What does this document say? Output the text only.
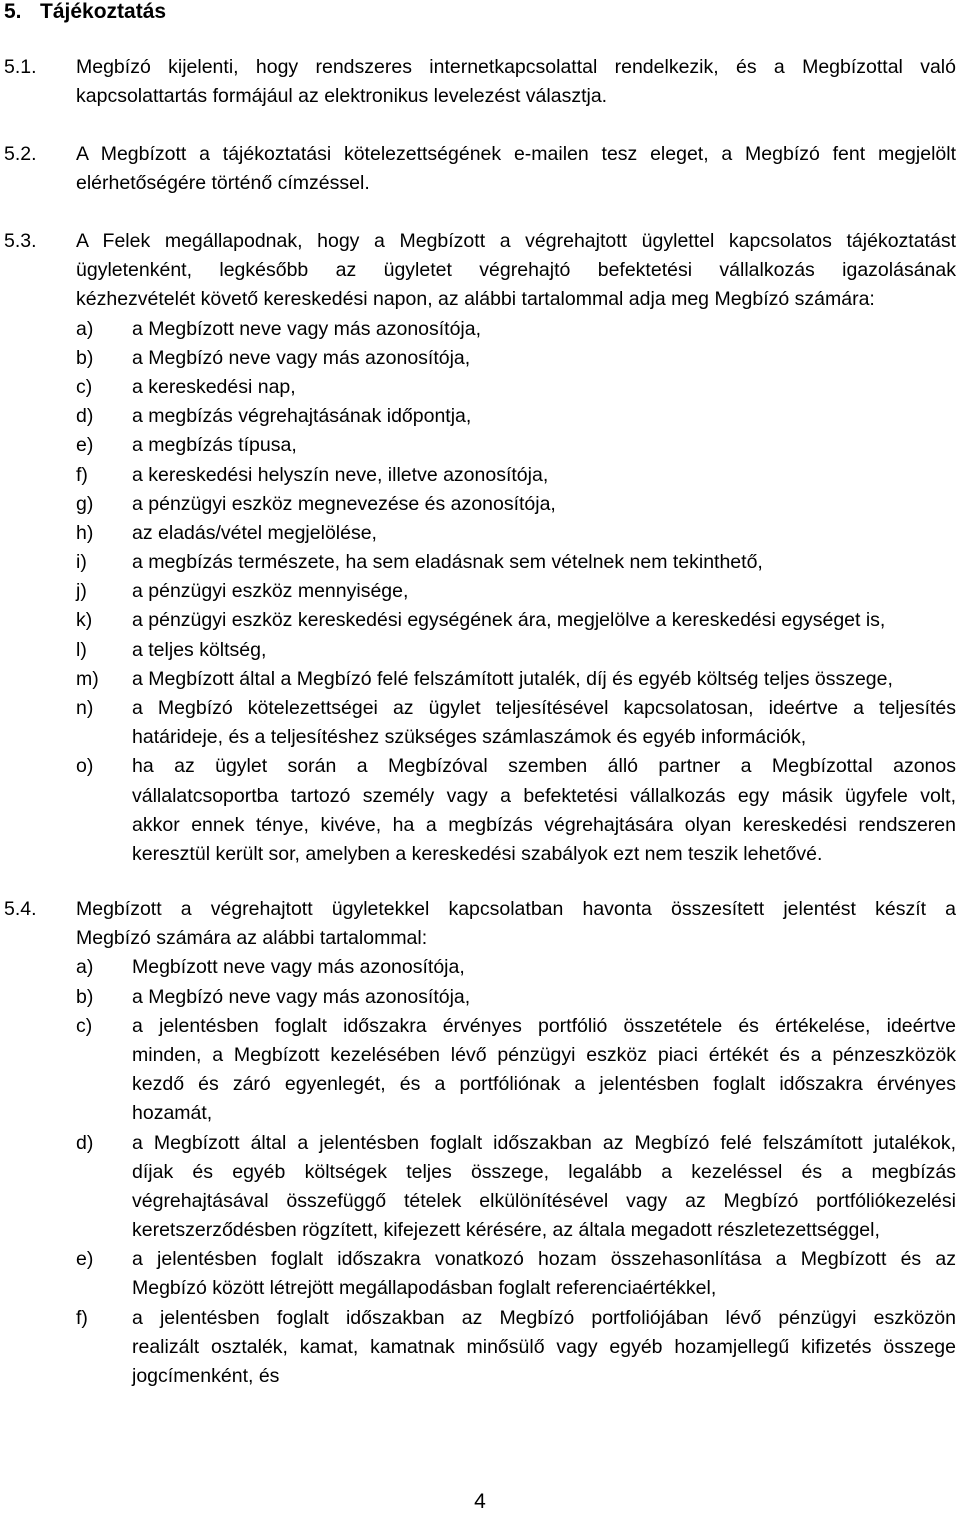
5. Tájékoztatás
5.1. Megbízó kijelenti, hogy rendszeres internetkapcsolattal rendelkezik, és a Megbízottal való
kapcsolattartás formájául az elektronikus levelezést választja.
5.2. A Megbízott a tájékoztatási kötelezettségének e-mailen tesz eleget, a Megbízó fent megjelölt
elérhetőségére történő címzéssel.
5.3. A Felek megállapodnak, hogy a Megbízott a végrehajtott ügylettel kapcsolatos tájékoztatást
ügyletenként, legkésőbb az ügyletet végrehajtó befektetési vállalkozás igazolásának
kézhezvételét követő kereskedési napon, az alábbi tartalommal adja meg Megbízó számára:
a) a Megbízott neve vagy más azonosítója,
b) a Megbízó neve vagy más azonosítója,
c) a kereskedési nap,
d) a megbízás végrehajtásának időpontja,
e) a megbízás típusa,
f) a kereskedési helyszín neve, illetve azonosítója,
g) a pénzügyi eszköz megnevezése és azonosítója,
h) az eladás/vétel megjelölése,
i) a megbízás természete, ha sem eladásnak sem vételnek nem tekinthető,
j) a pénzügyi eszköz mennyisége,
k) a pénzügyi eszköz kereskedési egységének ára, megjelölve a kereskedési egységet is,
l) a teljes költség,
m) a Megbízott által a Megbízó felé felszámított jutalék, díj és egyéb költség teljes összege,
n) a Megbízó kötelezettségei az ügylet teljesítésével kapcsolatosan, ideértve a teljesítés
határideje, és a teljesítéshez szükséges számlaszámok és egyéb információk,
o) ha az ügylet során a Megbízóval szemben álló partner a Megbízottal azonos
vállalatcsoportba tartozó személy vagy a befektetési vállalkozás egy másik ügyfele volt,
akkor ennek ténye, kivéve, ha a megbízás végrehajtására olyan kereskedési rendszeren
keresztül került sor, amelyben a kereskedési szabályok ezt nem teszik lehetővé.
5.4. Megbízott a végrehajtott ügyletekkel kapcsolatban havonta összesített jelentést készít a
Megbízó számára az alábbi tartalommal:
a) Megbízott neve vagy más azonosítója,
b) a Megbízó neve vagy más azonosítója,
c) a jelentésben foglalt időszakra érvényes portfólió összetétele és értékelése, ideértve
minden, a Megbízott kezelésében lévő pénzügyi eszköz piaci értékét és a pénzeszközök
kezdő és záró egyenlegét, és a portfóliónak a jelentésben foglalt időszakra érvényes
hozamát,
d) a Megbízott által a jelentésben foglalt időszakban az Megbízó felé felszámított jutalékok,
díjak és egyéb költségek teljes összege, legalább a kezeléssel és a megbízás
végrehajtásával összefüggő tételek elkülönítésével vagy az Megbízó portfóliókezelési
keretszerződésben rögzített, kifejezett kérésére, az általa megadott részletezettséggel,
e) a jelentésben foglalt időszakra vonatkozó hozam összehasonlítása a Megbízott és az
Megbízó között létrejött megállapodásban foglalt referenciaértékkel,
f) a jelentésben foglalt időszakban az Megbízó portfoliójában lévő pénzügyi eszközön
realizált osztalék, kamat, kamatnak minősülő vagy egyéb hozamjellegű kifizetés összege
jogcímenként, és
4
